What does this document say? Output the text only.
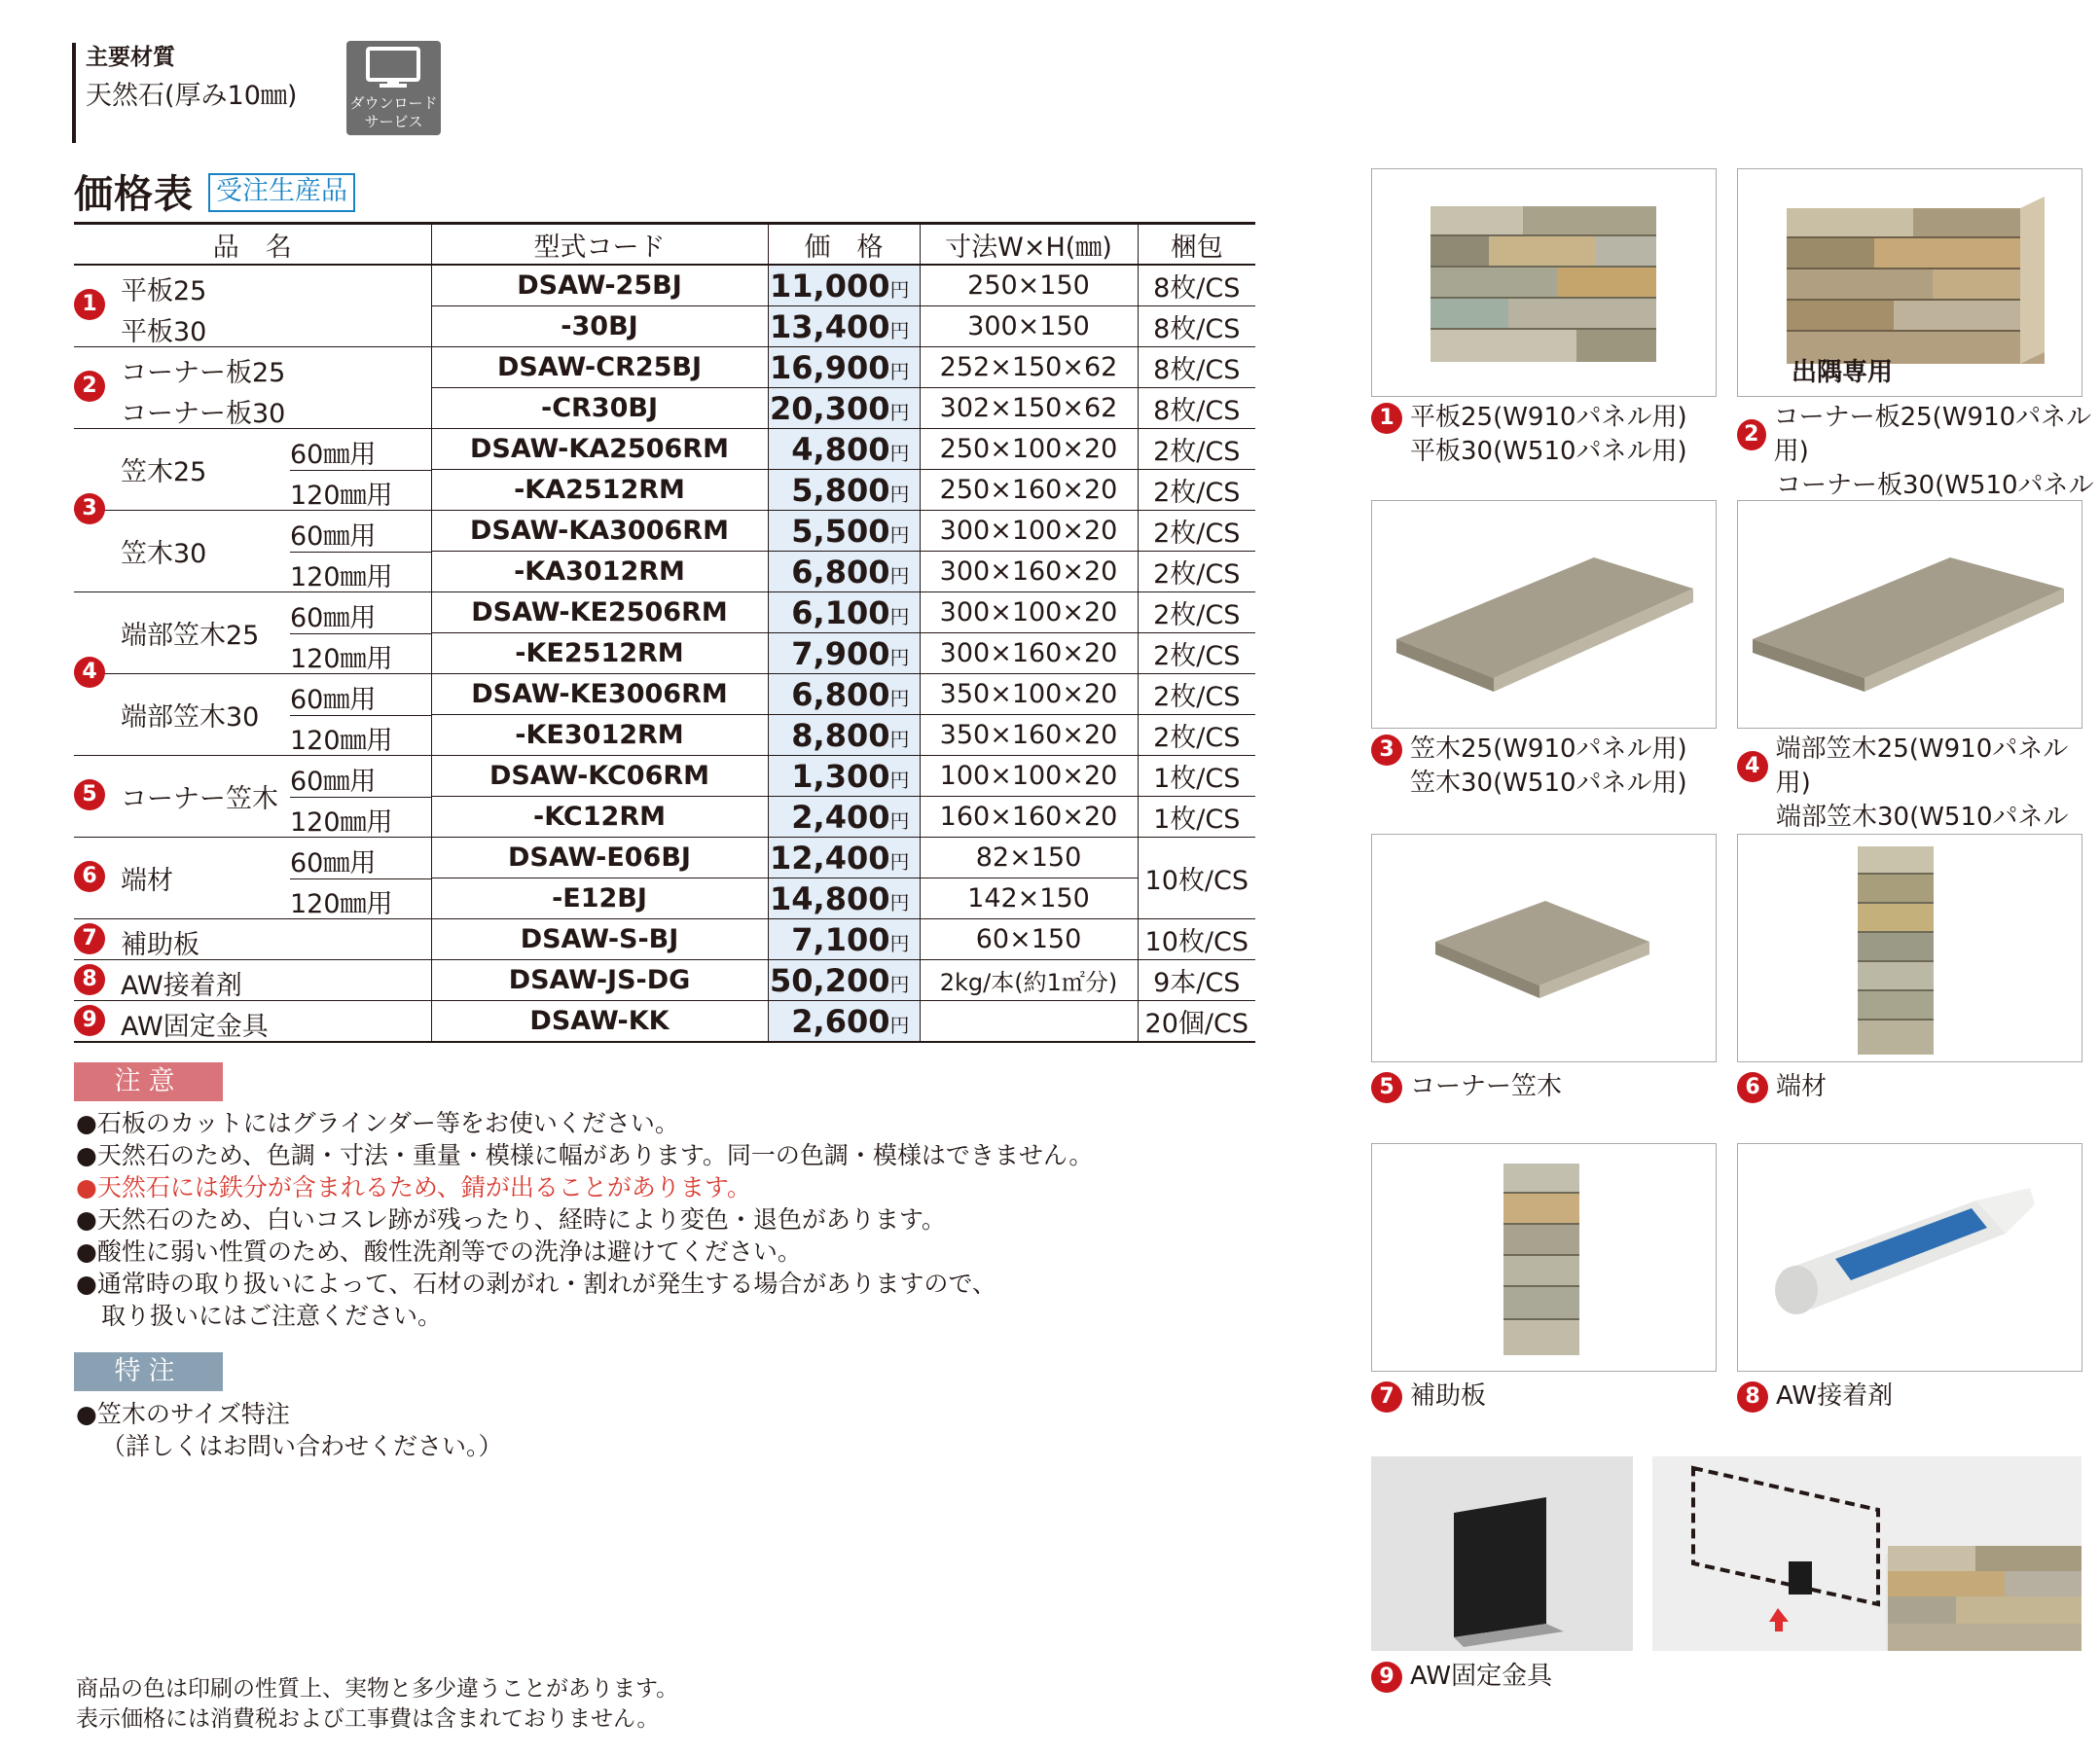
主要材質
天然石(厚み10㎜)	ダウンロード
サービス
価格表 受注生産品
品　名	型式コード	価　格	寸法W×H(㎜)	梱包

1 平板25	DSAW-25BJ	11,000円	250×150	8枚/CS

平板30	-30BJ	13,400円	300×150	8枚/CS

2 コーナー板25	DSAW-CR25BJ	16,900円	252×150×62	8枚/CS

コーナー板30	-CR30BJ	20,300円	302×150×62	8枚/CS

3
笠木25
60㎜用	DSAW-KA2506RM	4,800円	250×100×20	2枚/CS

120㎜用	-KA2512RM	5,800円	250×160×20	2枚/CS

笠木30
60㎜用	DSAW-KA3006RM	5,500円	300×100×20	2枚/CS

120㎜用	-KA3012RM	6,800円	300×160×20	2枚/CS

4
端部笠木25
60㎜用	DSAW-KE2506RM	6,100円	300×100×20	2枚/CS

120㎜用	-KE2512RM	7,900円	300×160×20	2枚/CS

端部笠木30
60㎜用	DSAW-KE3006RM	6,800円	350×100×20	2枚/CS

120㎜用	-KE3012RM	8,800円	350×160×20	2枚/CS

5 コーナー笠木
60㎜用	DSAW-KC06RM	1,300円	100×100×20	1枚/CS

120㎜用	-KC12RM	2,400円	160×160×20	1枚/CS

6 端材
60㎜用	DSAW-E06BJ	12,400円	82×150	10枚/CS

120㎜用	-E12BJ	14,800円	142×150	

7 補助板	DSAW-S-BJ	7,100円	60×150	10枚/CS

8 AW接着剤	DSAW-JS-DG	50,200円	2kg/本(約1㎡分)	9本/CS

9 AW固定金具	DSAW-KK	2,600円		20個/CS
注意
●石板のカットにはグラインダー等をお使いください。
●天然石のため、色調・寸法・重量・模様に幅があります。同一の色調・模様はできません。
●天然石には鉄分が含まれるため、錆が出ることがあります。
●天然石のため、白いコスレ跡が残ったり、経時により変色・退色があります。
●酸性に弱い性質のため、酸性洗剤等での洗浄は避けてください。
●通常時の取り扱いによって、石材の剥がれ・割れが発生する場合がありますので、
取り扱いにはご注意ください。
特注
●笠木のサイズ特注
（詳しくはお問い合わせください。）
商品の色は印刷の性質上、実物と多少違うことがあります。
表示価格には消費税および工事費は含まれておりません。
1 平板25(W910パネル用)
平板30(W510パネル用)
出隅専用
2
コーナー板25(W910パネル用)
コーナー板30(W510パネル
3 笠木25(W910パネル用)
笠木30(W510パネル用)
4
端部笠木25(W910パネル用)
端部笠木30(W510パネル
5 コーナー笠木	6 端材
7 補助板	8 AW接着剤
9 AW固定金具
